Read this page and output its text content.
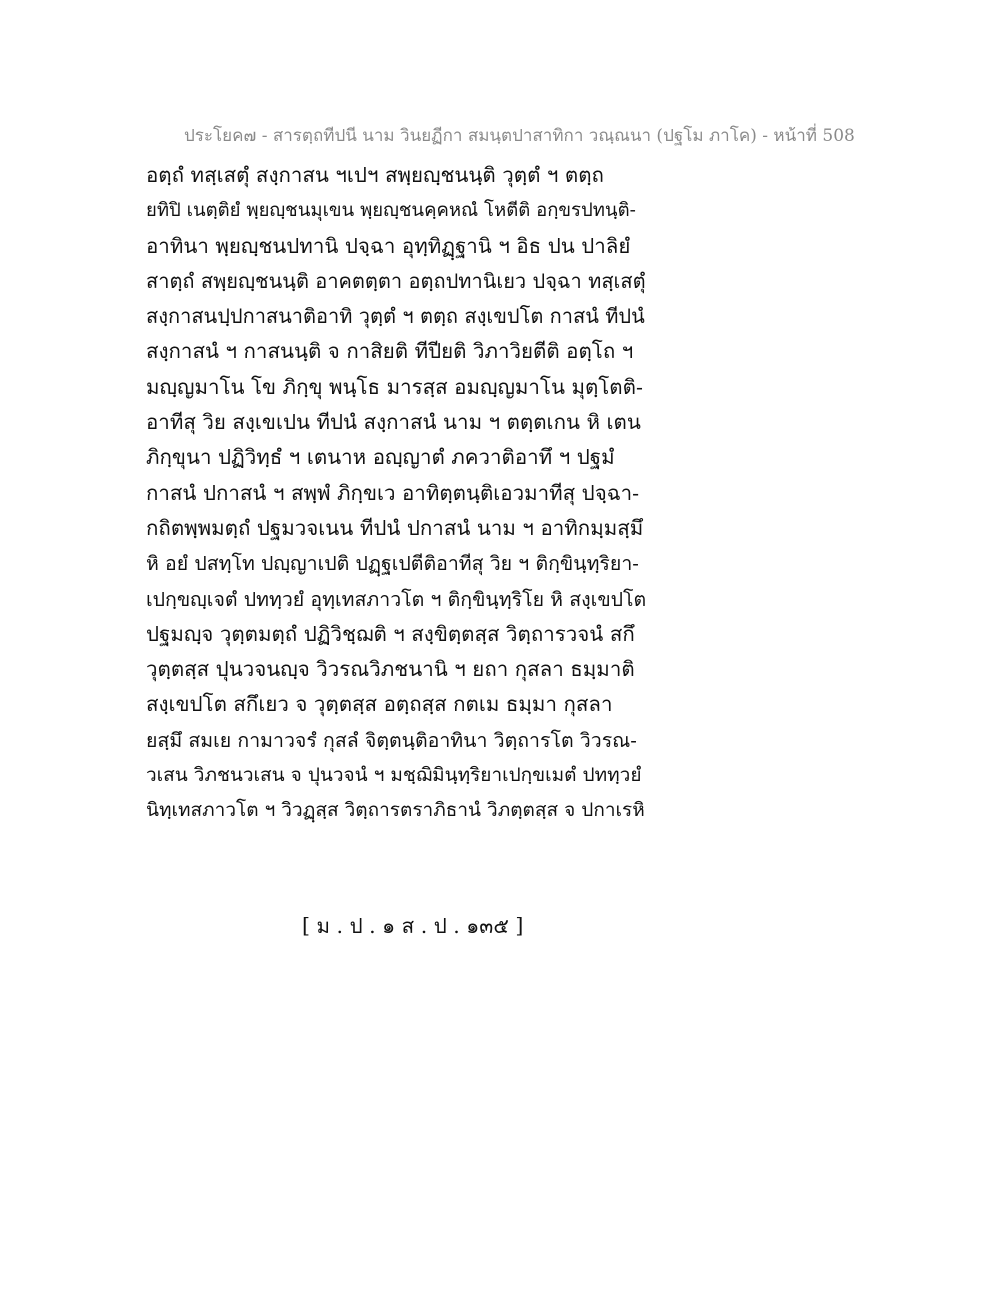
ประโยค๗ - สารตฺถทีปนี นาม วินยฏีกา สมนฺตปาสาทิกา วณฺณนา (ปฐโม ภาโค) - หน้าที่ 508
อตฺถํ ทสฺเสตุํ สงฺกาสน ฯเปฯ สพฺยญฺชนนฺติ วุตฺตํ ฯ ตตฺถ
ยทิปิ เนตฺติยํ พฺยญฺชนมุเขน พฺยญฺชนคฺคหณํ โหตีติ อกฺขรปทนฺติ-
อาทินา พฺยญฺชนปทานิ ปจฺฉา อุทฺทิฏฺฐานิ ฯ อิธ ปน ปาลิยํ
สาตฺถํ สพฺยญฺชนนฺติ อาคตตฺตา อตฺถปทานิเยว ปจฺฉา ทสฺเสตุํ
สงฺกาสนปฺปกาสนาติอาทิ วุตฺตํ ฯ ตตฺถ สงฺเขปโต กาสนํ ทีปนํ
สงฺกาสนํ ฯ กาสนนฺติ จ กาสิยติ ทีปียติ วิภาวิยตีติ อตฺโถ ฯ
มญฺญมาโน โข ภิกฺขุ พนฺโธ มารสฺส อมญฺญมาโน มุตฺโตติ-
อาทีสุ วิย สงฺเขเปน ทีปนํ สงฺกาสนํ นาม ฯ ตตฺตเกน หิ เตน
ภิกฺขุนา ปฏิวิทฺธํ ฯ เตนาห อญฺญาตํ ภควาติอาทึ ฯ ปฐมํ
กาสนํ ปกาสนํ ฯ สพฺพํ ภิกฺขเว อาทิตฺตนฺติเอวมาทีสุ ปจฺฉา-
กถิตพฺพมตฺถํ ปฐมวจเนน ทีปนํ ปกาสนํ นาม ฯ อาทิกมฺมสฺมึ
หิ อยํ ปสทฺโท ปญฺญาเปติ ปฏฺฐเปตีติอาทีสุ วิย ฯ ติกฺขินฺทฺริยา-
เปกฺขญฺเจตํ ปททฺวยํ อุทฺเทสภาวโต ฯ ติกฺขินฺทฺริโย หิ สงฺเขปโต
ปฐมญฺจ วุตฺตมตฺถํ ปฏิวิชฺฌติ ฯ สงฺขิตฺตสฺส วิตฺถารวจนํ สกึ
วุตฺตสฺส ปุนวจนญฺจ วิวรณวิภชนานิ ฯ ยถา กุสลา ธมฺมาติ
สงฺเขปโต สกึเยว จ วุตฺตสฺส อตฺถสฺส กตเม ธมฺมา กุสลา
ยสฺมึ สมเย กามาวจรํ กุสลํ จิตฺตนฺติอาทินา วิตฺถารโต วิวรณ-
วเสน วิภชนวเสน จ ปุนวจนํ ฯ มชฺฌิมินฺทฺริยาเปกฺขเมตํ ปททฺวยํ
นิทฺเทสภาวโต ฯ วิวฏฺสฺส วิตฺถารตราภิธานํ วิภตฺตสฺส จ ปกาเรหิ
[ ม . ป . ๑ ส . ป . ๑๓๕ ]
